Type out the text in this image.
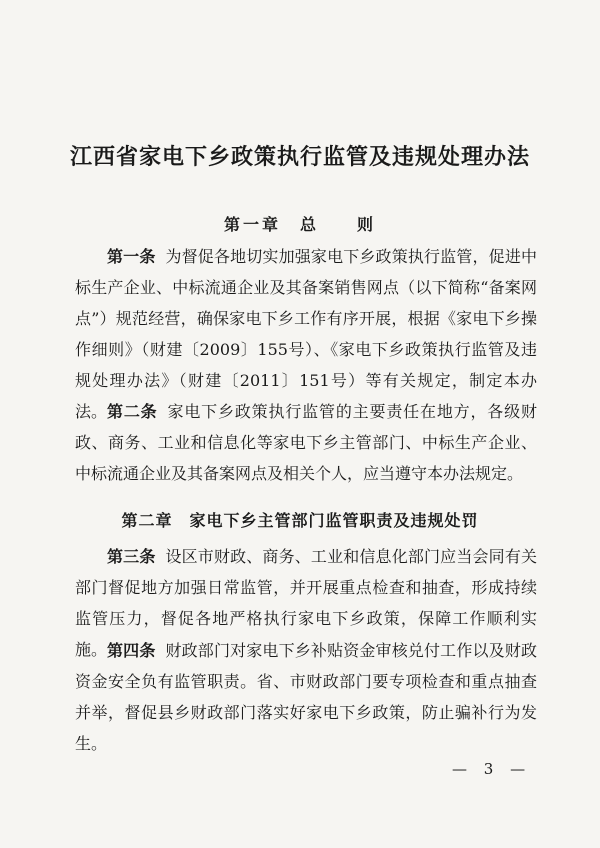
江西省家电下乡政策执行监管及违规处理办法
第一章　总　　则

第一条 为督促各地切实加强家电下乡政策执行监管，促进中标生产企业、中标流通企业及其备案销售网点（以下简称“备案网点”）规范经营，确保家电下乡工作有序开展，根据《家电下乡操作细则》（财建〔2009〕155号）、《家电下乡政策执行监管及违规处理办法》（财建〔2011〕151号）等有关规定，制定本办法。 第二条 家电下乡政策执行监管的主要责任在地方，各级财政、商务、工业和信息化等家电下乡主管部门、中标生产企业、中标流通企业及其备案网点及相关个人，应当遵守本办法规定。

第二章　家电下乡主管部门监管职责及违规处罚

第三条 设区市财政、商务、工业和信息化部门应当会同有关部门督促地方加强日常监管，并开展重点检查和抽查，形成持续监管压力，督促各地严格执行家电下乡政策，保障工作顺利实施。 第四条 财政部门对家电下乡补贴资金审核兑付工作以及财政资金安全负有监管职责。省、市财政部门要专项检查和重点抽查并举，督促县乡财政部门落实好家电下乡政策，防止骗补行为发生。

— 3 —
